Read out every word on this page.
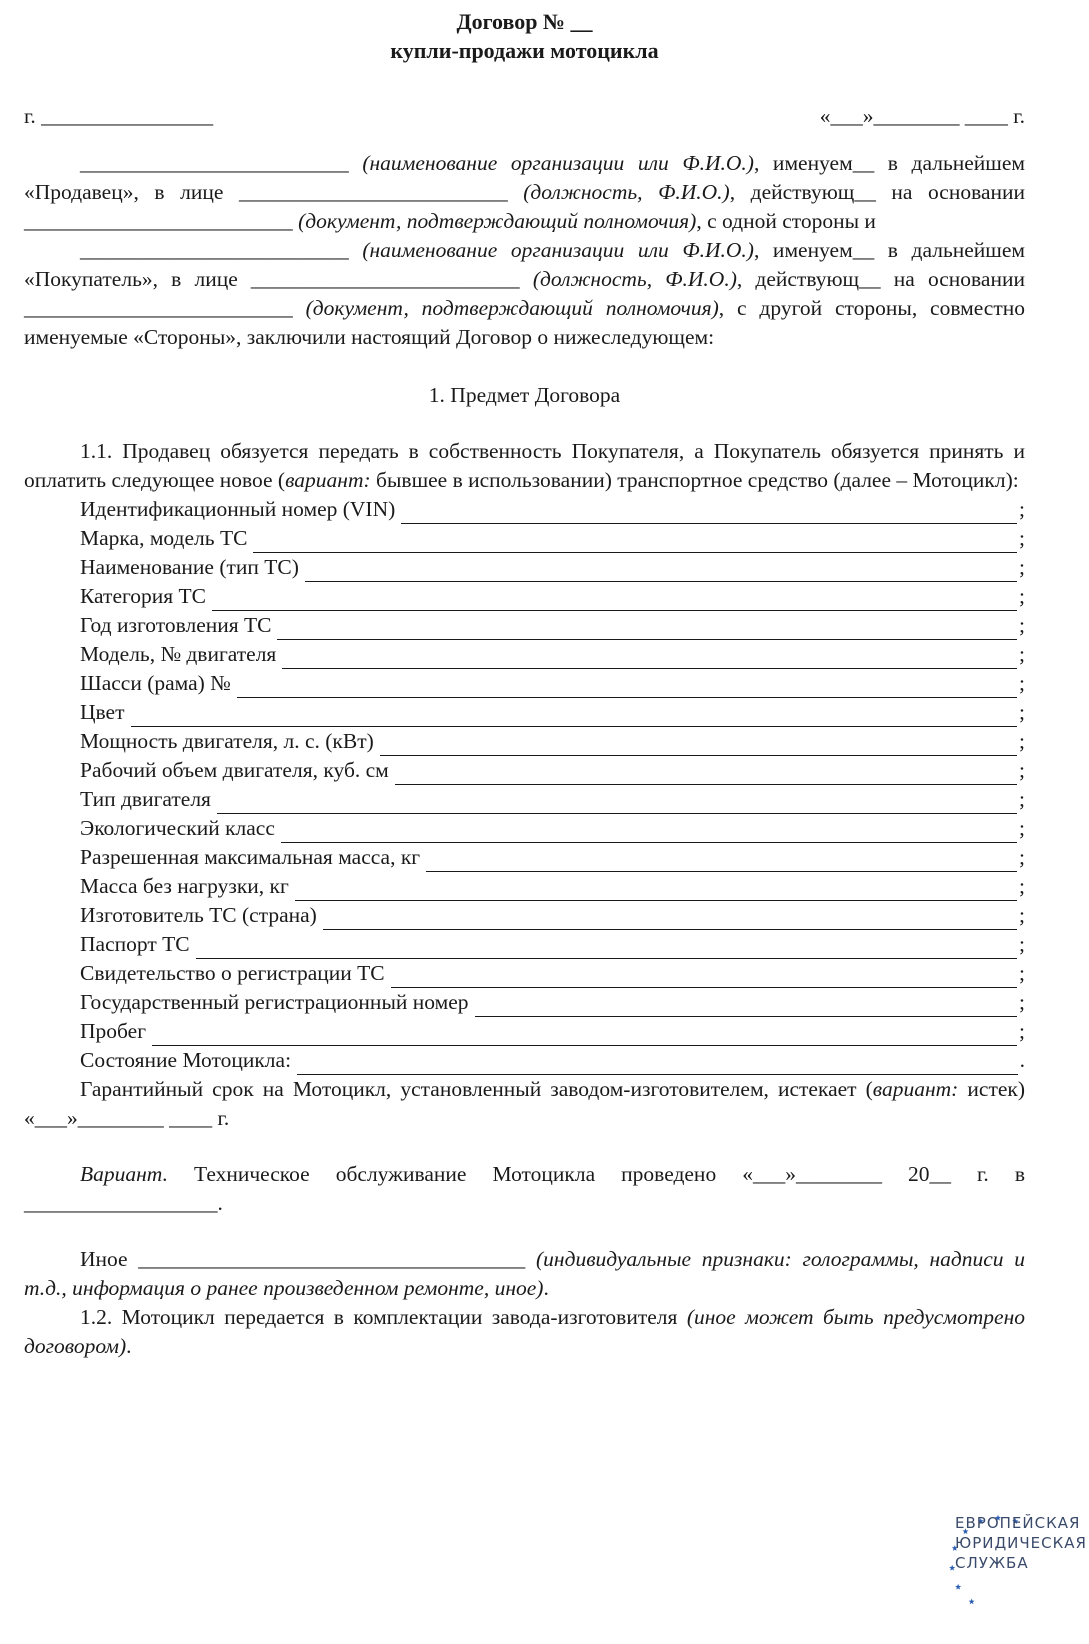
Договор № __
купли-продажи мотоцикла
г. ________________	«___»________ ____ г.
_________________________ (наименование организации или Ф.И.О.), именуем__ в дальнейшем «Продавец», в лице _________________________ (должность, Ф.И.О.), действующ__ на основании _________________________ (документ, подтверждающий полномочия), с одной стороны и
_________________________ (наименование организации или Ф.И.О.), именуем__ в дальнейшем «Покупатель», в лице _________________________ (должность, Ф.И.О.), действующ__ на основании _________________________ (документ, подтверждающий полномочия), с другой стороны, совместно именуемые «Стороны», заключили настоящий Договор о нижеследующем:
1. Предмет Договора
1.1. Продавец обязуется передать в собственность Покупателя, а Покупатель обязуется принять и оплатить следующее новое (вариант: бывшее в использовании) транспортное средство (далее – Мотоцикл):
Идентификационный номер (VIN)	;
Марка, модель ТС	;
Наименование (тип ТС)	;
Категория ТС	;
Год изготовления ТС	;
Модель, № двигателя	;
Шасси (рама) №	;
Цвет	;
Мощность двигателя, л. с. (кВт)	;
Рабочий объем двигателя, куб. см	;
Тип двигателя	;
Экологический класс	;
Разрешенная максимальная масса, кг	;
Масса без нагрузки, кг	;
Изготовитель ТС (страна)	;
Паспорт ТС	;
Свидетельство о регистрации ТС	;
Государственный регистрационный номер	;
Пробег	;
Состояние Мотоцикла:	.
Гарантийный срок на Мотоцикл, установленный заводом-изготовителем, истекает (вариант: истек) «___»________ ____ г.
Вариант. Техническое обслуживание Мотоцикла проведено «___»________ 20__ г. в __________________.
Иное ____________________________________ (индивидуальные признаки: голограммы, надписи и т.д., информация о ранее произведенном ремонте, иное).
1.2. Мотоцикл передается в комплектации завода-изготовителя (иное может быть предусмотрено договором).
ЕВРОПЕЙСКАЯ
ЮРИДИЧЕСКАЯ
СЛУЖБА
